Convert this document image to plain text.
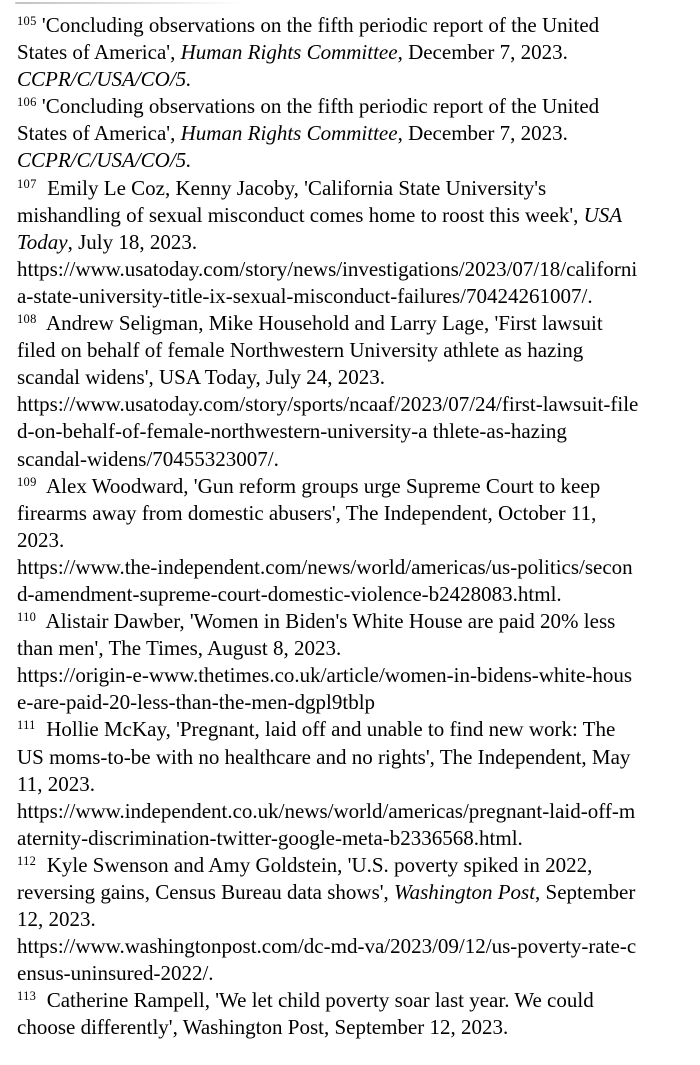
$^{105}$ 'Concluding observations on the fifth periodic report of the United
States of America', Human Rights Committee, December 7, 2023.
CCPR/C/USA/CO/5.
$^{106}$ 'Concluding observations on the fifth periodic report of the United
States of America', Human Rights Committee, December 7, 2023.
CCPR/C/USA/CO/5.
$^{107}$  Emily Le Coz, Kenny Jacoby, 'California State University's
mishandling of sexual misconduct comes home to roost this week', USA
Today, July 18, 2023.
https://www.usatoday.com/story/news/investigations/2023/07/18/californi
a-state-university-title-ix-sexual-misconduct-failures/70424261007/.
$^{108}$  Andrew Seligman, Mike Household and Larry Lage, 'First lawsuit
filed on behalf of female Northwestern University athlete as hazing
scandal widens', USA Today, July 24, 2023.
https://www.usatoday.com/story/sports/ncaaf/2023/07/24/first-lawsuit-file
d-on-behalf-of-female-northwestern-university-a thlete-as-hazing
scandal-widens/70455323007/.
$^{109}$  Alex Woodward, 'Gun reform groups urge Supreme Court to keep
firearms away from domestic abusers', The Independent, October 11,
2023.
https://www.the-independent.com/news/world/americas/us-politics/secon
d-amendment-supreme-court-domestic-violence-b2428083.html.
$^{110}$  Alistair Dawber, 'Women in Biden's White House are paid 20% less
than men', The Times, August 8, 2023.
https://origin-e-www.thetimes.co.uk/article/women-in-bidens-white-hous
e-are-paid-20-less-than-the-men-dgpl9tblp
$^{111}$  Hollie McKay, 'Pregnant, laid off and unable to find new work: The
US moms-to-be with no healthcare and no rights', The Independent, May
11, 2023.
https://www.independent.co.uk/news/world/americas/pregnant-laid-off-m
aternity-discrimination-twitter-google-meta-b2336568.html.
$^{112}$  Kyle Swenson and Amy Goldstein, 'U.S. poverty spiked in 2022,
reversing gains, Census Bureau data shows', Washington Post, September
12, 2023.
https://www.washingtonpost.com/dc-md-va/2023/09/12/us-poverty-rate-c
ensus-uninsured-2022/.
$^{113}$  Catherine Rampell, 'We let child poverty soar last year. We could
choose differently', Washington Post, September 12, 2023.
